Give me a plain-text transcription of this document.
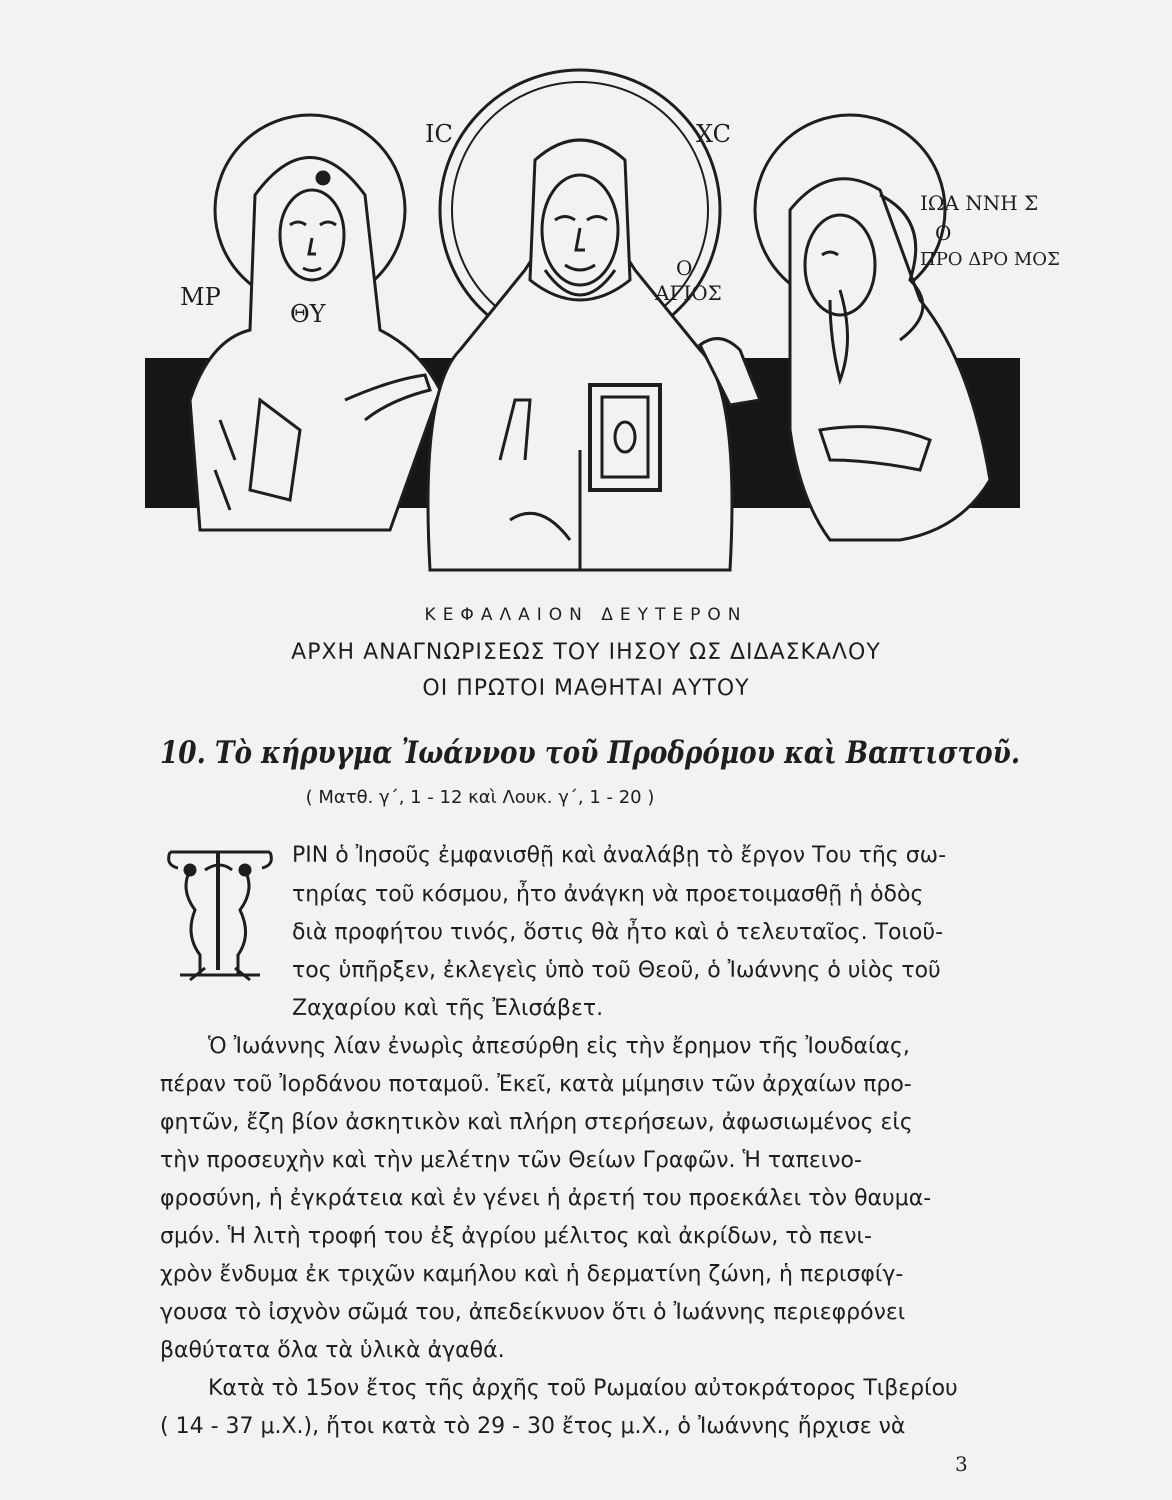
MP
ΘΥ
IC	XC
Ο
ΑΓΙΟΣ
ΙΩΑ ΝΝΗ Σ
Ο
ΠΡΟ ΔΡΟ ΜΟΣ
ΚΕΦΑΛΑΙΟΝ ΔΕΥΤΕΡΟΝ
ΑΡΧΗ ΑΝΑΓΝΩΡΙΣΕΩΣ ΤΟΥ ΙΗΣΟΥ ΩΣ ΔΙΔΑΣΚΑΛΟΥ
ΟΙ ΠΡΩΤΟΙ ΜΑΘΗΤΑΙ ΑΥΤΟΥ
10. Τὸ κήρυγμα Ἰωάννου τοῦ Προδρόμου καὶ Βαπτιστοῦ.
( Ματθ. γ΄, 1 - 12 καὶ Λουκ. γ΄, 1 - 20 )
ΡΙΝ ὁ Ἰησοῦς ἐμφανισθῇ καὶ ἀναλάβῃ τὸ ἔργον Του τῆς σω-
τηρίας τοῦ κόσμου, ἦτο ἀνάγκη νὰ προετοιμασθῇ ἡ ὁδὸς
διὰ προφήτου τινός, ὅστις θὰ ἦτο καὶ ὁ τελευταῖος. Τοιοῦ-
τος ὑπῆρξεν, ἐκλεγεὶς ὑπὸ τοῦ Θεοῦ, ὁ Ἰωάννης ὁ υἱὸς τοῦ
Ζαχαρίου καὶ τῆς Ἐλισάβετ.
Ὁ Ἰωάννης λίαν ἐνωρὶς ἀπεσύρθη εἰς τὴν ἔρημον τῆς Ἰουδαίας,
πέραν τοῦ Ἰορδάνου ποταμοῦ. Ἐκεῖ, κατὰ μίμησιν τῶν ἀρχαίων προ-
φητῶν, ἔζη βίον ἀσκητικὸν καὶ πλήρη στερήσεων, ἀφωσιωμένος εἰς
τὴν προσευχὴν καὶ τὴν μελέτην τῶν Θείων Γραφῶν. Ἡ ταπεινο-
φροσύνη, ἡ ἐγκράτεια καὶ ἐν γένει ἡ ἀρετή του προεκάλει τὸν θαυμα-
σμόν. Ἡ λιτὴ τροφή του ἐξ ἀγρίου μέλιτος καὶ ἀκρίδων, τὸ πενι-
χρὸν ἔνδυμα ἐκ τριχῶν καμήλου καὶ ἡ δερματίνη ζώνη, ἡ περισφίγ-
γουσα τὸ ἰσχνὸν σῶμά του, ἀπεδείκνυον ὅτι ὁ Ἰωάννης περιεφρόνει
βαθύτατα ὅλα τὰ ὑλικὰ ἀγαθά.
Κατὰ τὸ 15ον ἔτος τῆς ἀρχῆς τοῦ Ρωμαίου αὐτοκράτορος Τιβερίου
( 14 - 37 μ.Χ.), ἤτοι κατὰ τὸ 29 - 30 ἔτος μ.Χ., ὁ Ἰωάννης ἤρχισε νὰ
3
